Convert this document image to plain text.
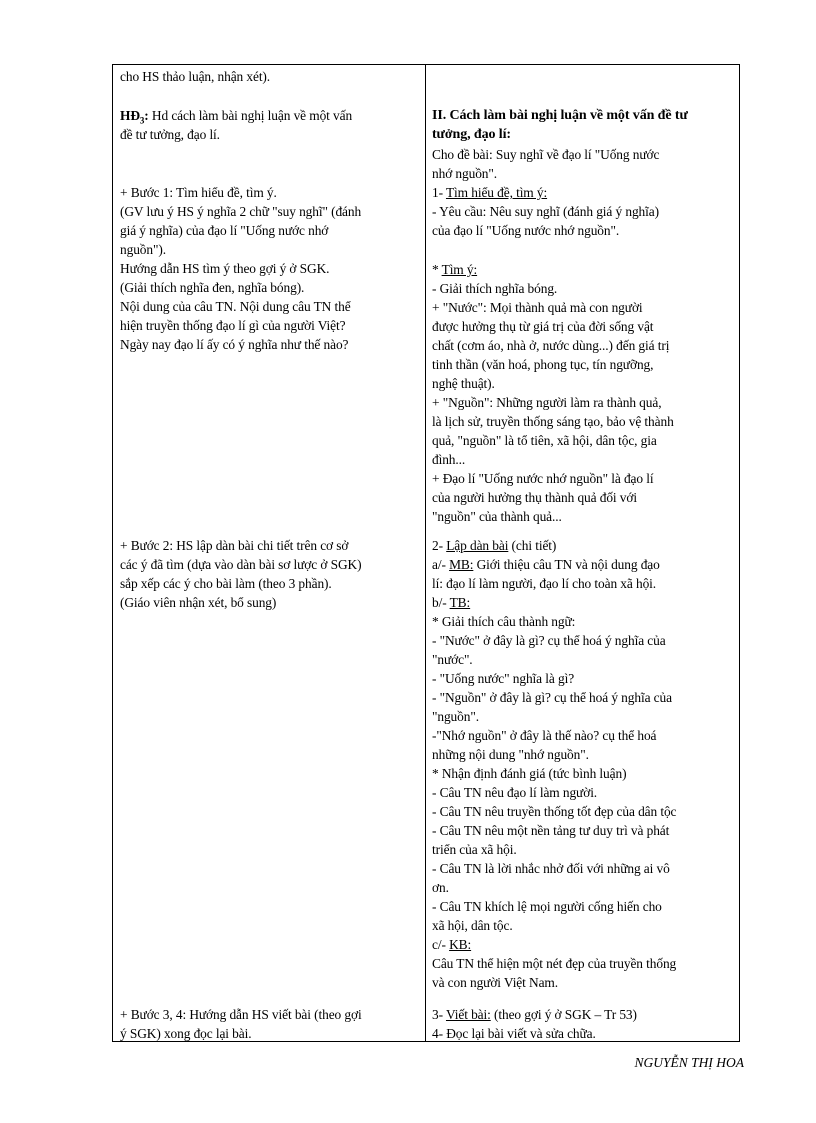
cho HS thảo luận, nhận xét).
$HĐ_3$: Hd cách làm bài nghị luận về một vấn
đề tư tưởng, đạo lí.
+ Bước 1: Tìm hiểu đề, tìm ý.
(GV lưu ý HS ý nghĩa 2 chữ "suy nghĩ" (đánh
giá ý nghĩa) của đạo lí "Uống nước nhớ
nguồn").
Hướng dẫn HS tìm ý theo gợi ý ở SGK.
(Giải thích nghĩa đen, nghĩa bóng).
Nội dung của câu TN. Nội dung câu TN thể
hiện truyền thống đạo lí gì của người Việt?
Ngày nay đạo lí ấy có ý nghĩa như thế nào?
+ Bước 2: HS lập dàn bài chi tiết trên cơ sở
các ý đã tìm (dựa vào dàn bài sơ lược ở SGK)
sắp xếp các ý cho bài làm (theo 3 phần).
(Giáo viên nhận xét, bổ sung)
+ Bước 3, 4: Hướng dẫn HS viết bài (theo gợi
ý SGK) xong đọc lại bài.
II. Cách làm bài nghị luận về một vấn đề tư
tưởng, đạo lí:
Cho đề bài: Suy nghĩ về đạo lí "Uống nước
nhớ nguồn".
1- Tìm hiểu đề, tìm ý:
- Yêu cầu: Nêu suy nghĩ (đánh giá ý nghĩa)
của đạo lí "Uống nước nhớ nguồn".
* Tìm ý:
- Giải thích nghĩa bóng.
+ "Nước": Mọi thành quả mà con người
được hưởng thụ từ giá trị của đời sống vật
chất (cơm áo, nhà ở, nước dùng...) đến giá trị
tinh thần (văn hoá, phong tục, tín ngưỡng,
nghệ thuật).
+ "Nguồn": Những người làm ra thành quả,
là lịch sử, truyền thống sáng tạo, bảo vệ thành
quả, "nguồn" là tổ tiên, xã hội, dân tộc, gia
đình...
+ Đạo lí "Uống nước nhớ nguồn" là đạo lí
của người hưởng thụ thành quả đối với
"nguồn" của thành quả...
2- Lập dàn bài (chi tiết)
a/- MB: Giới thiệu câu TN và nội dung đạo
lí: đạo lí làm người, đạo lí cho toàn xã hội.
b/- TB:
* Giải thích câu thành ngữ:
- "Nước" ở đây là gì? cụ thể hoá ý nghĩa của
"nước".
- "Uống nước" nghĩa là gì?
- "Nguồn" ở đây là gì? cụ thể hoá ý nghĩa của
"nguồn".
-"Nhớ nguồn" ở đây là thế nào? cụ thể hoá
những nội dung "nhớ nguồn".
* Nhận định đánh giá (tức bình luận)
- Câu TN nêu đạo lí làm người.
- Câu TN nêu truyền thống tốt đẹp của dân tộc
- Câu TN nêu một nền tảng tư duy trì và phát
triển của xã hội.
- Câu TN là lời nhắc nhở đối với những ai vô
ơn.
- Câu TN khích lệ mọi người cống hiến cho
xã hội, dân tộc.
c/- KB:
Câu TN thể hiện một nét đẹp của truyền thống
và con người Việt Nam.
3- Viết bài: (theo gợi ý ở SGK – Tr 53)
4- Đọc lại bài viết và sửa chữa.
NGUYỄN THỊ HOA
